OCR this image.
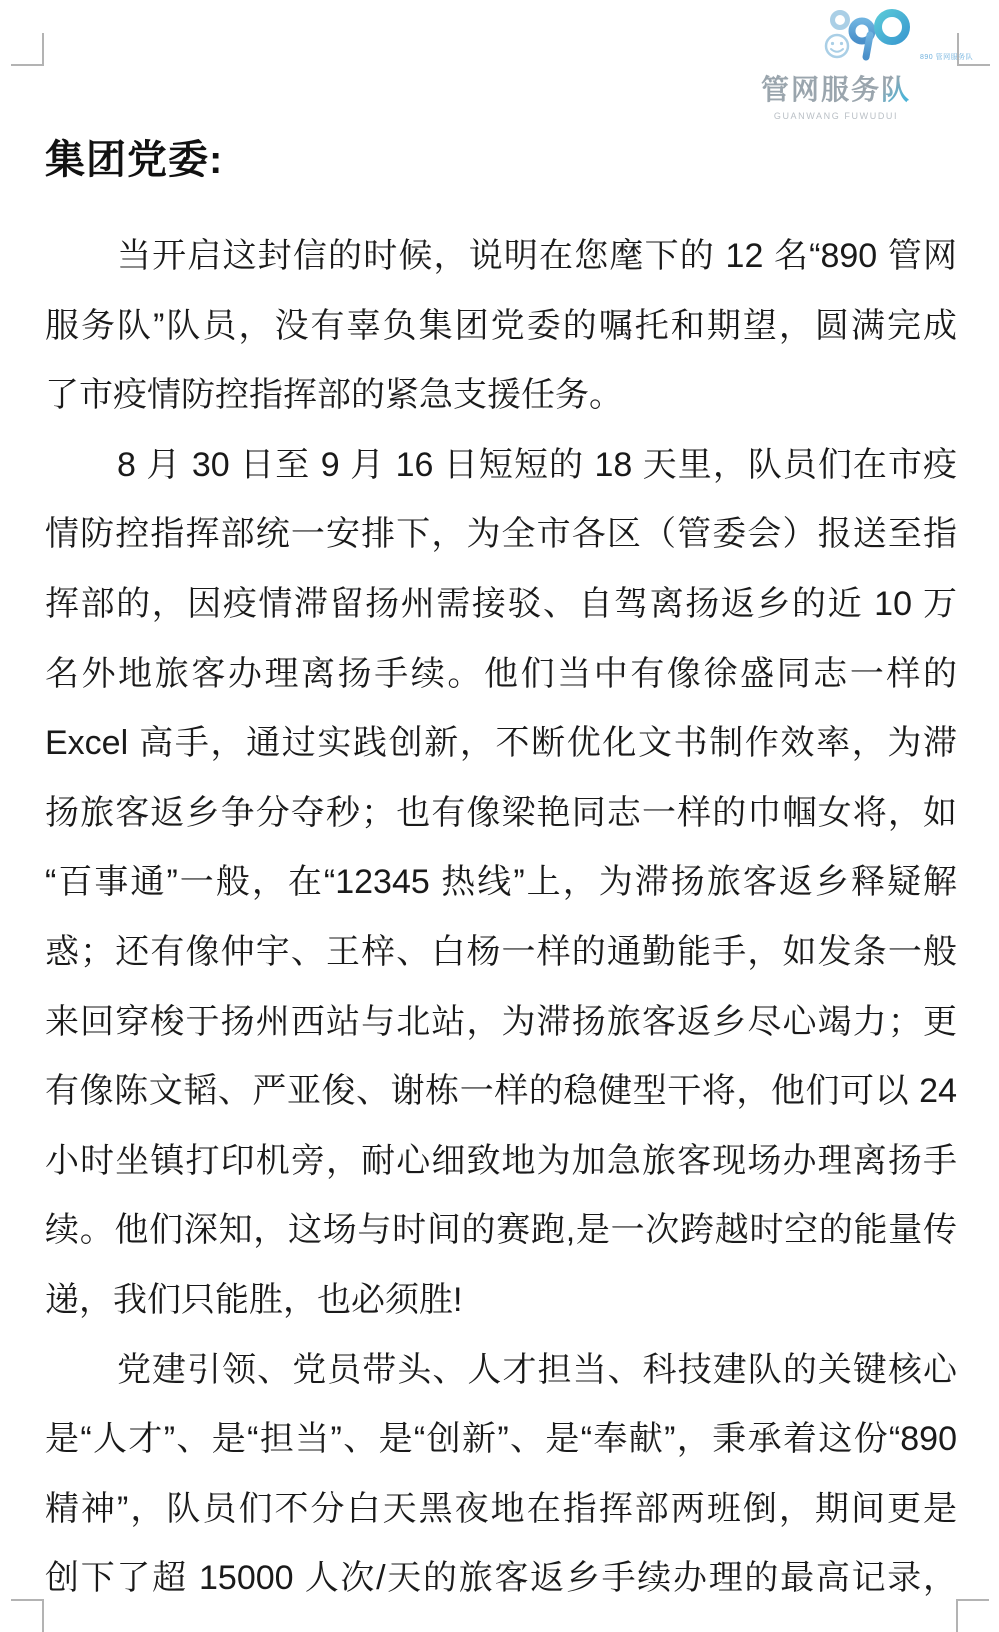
890 管网服务队
管网服务队
GUANWANG FUWUDUI
集团党委:
当开启这封信的时候，说明在您麾下的 12 名“890 管网
服务队”队员，没有辜负集团党委的嘱托和期望，圆满完成
了市疫情防控指挥部的紧急支援任务。
8 月 30 日至 9 月 16 日短短的 18 天里，队员们在市疫
情防控指挥部统一安排下，为全市各区（管委会）报送至指
挥部的，因疫情滞留扬州需接驳、自驾离扬返乡的近 10 万
名外地旅客办理离扬手续。他们当中有像徐盛同志一样的
Excel 高手，通过实践创新，不断优化文书制作效率，为滞
扬旅客返乡争分夺秒；也有像梁艳同志一样的巾帼女将，如
“百事通”一般，在“12345 热线”上，为滞扬旅客返乡释疑解
惑；还有像仲宇、王梓、白杨一样的通勤能手，如发条一般
来回穿梭于扬州西站与北站，为滞扬旅客返乡尽心竭力；更
有像陈文韬、严亚俊、谢栋一样的稳健型干将，他们可以 24
小时坐镇打印机旁，耐心细致地为加急旅客现场办理离扬手
续。他们深知，这场与时间的赛跑,是一次跨越时空的能量传
递，我们只能胜，也必须胜!
党建引领、党员带头、人才担当、科技建队的关键核心
是“人才”、是“担当”、是“创新”、是“奉献”，秉承着这份“890
精神”，队员们不分白天黑夜地在指挥部两班倒，期间更是
创下了超 15000 人次/天的旅客返乡手续办理的最高记录，
